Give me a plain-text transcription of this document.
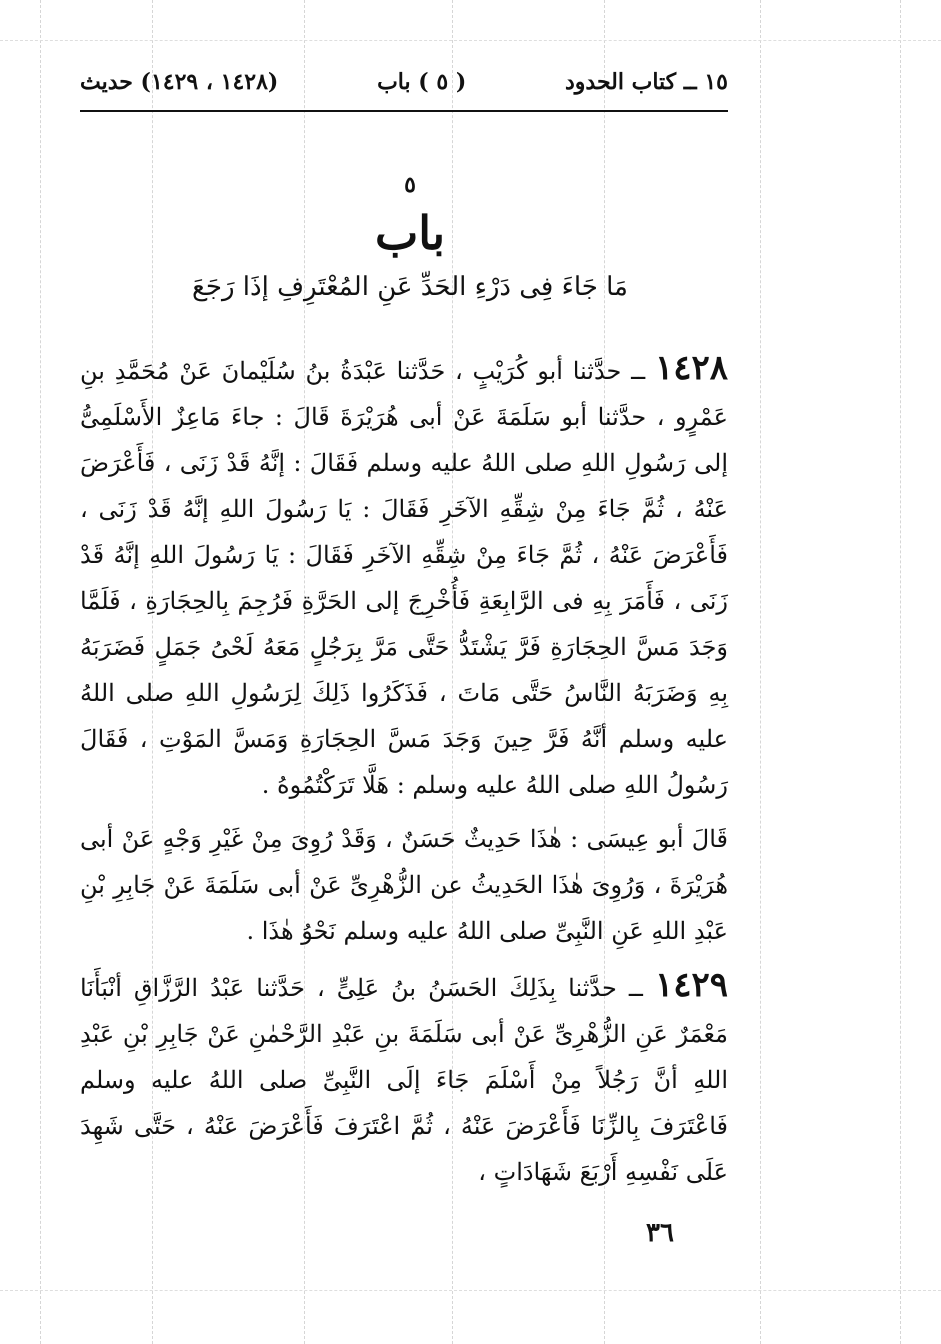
١٥ ــ كتاب الحدود
( ٥ ) باب
(١٤٢٨ ، ١٤٢٩) حديث
٥
باب
مَا جَاءَ فِى دَرْءِ الحَدِّ عَنِ المُعْتَرِفِ إذَا رَجَعَ

١٤٢٨ ــ حدَّثنا أبو كُرَيْبٍ ، حَدَّثنا عَبْدَةُ بنُ سُلَيْمانَ عَنْ مُحَمَّدِ بنِ عَمْرٍو ، حدَّثنا أبو سَلَمَةَ عَنْ أبى هُرَيْرَةَ قَالَ : جاءَ مَاعِزٌ الأَسْلَمِىُّ إلى رَسُولِ اللهِ صلى اللهُ عليه وسلم فَقَالَ : إنَّهُ قَدْ زَنَى ، فَأَعْرَضَ عَنْهُ ، ثُمَّ جَاءَ مِنْ شِقِّهِ الآخَرِ فَقَالَ : يَا رَسُولَ اللهِ إنَّهُ قَدْ زَنَى ، فَأَعْرَضَ عَنْهُ ، ثُمَّ جَاءَ مِنْ شِقِّهِ الآخَرِ فَقَالَ : يَا رَسُولَ اللهِ إنَّهُ قَدْ زَنَى ، فَأَمَرَ بِهِ فى الرَّابِعَةِ فَأُخْرِجَ إلى الحَرَّةِ فَرُجِمَ بِالحِجَارَةِ ، فَلَمَّا وَجَدَ مَسَّ الحِجَارَةِ فَرَّ يَشْتَدُّ حَتَّى مَرَّ بِرَجُلٍ مَعَهُ لَحْىُ جَمَلٍ فَضَرَبَهُ بِهِ وَضَرَبَهُ النَّاسُ حَتَّى مَاتَ ، فَذَكَرُوا ذَلِكَ لِرَسُولِ اللهِ صلى اللهُ عليه وسلم أنَّهُ فَرَّ حِينَ وَجَدَ مَسَّ الحِجَارَةِ وَمَسَّ المَوْتِ ، فَقَالَ رَسُولُ اللهِ صلى اللهُ عليه وسلم : هَلَّا تَرَكْتُمُوهُ .

قَالَ أبو عِيسَى : هٰذَا حَدِيثٌ حَسَنٌ ، وَقَدْ رُوِىَ مِنْ غَيْرِ وَجْهٍ عَنْ أبى هُرَيْرَةَ ، وَرُوِىَ هٰذَا الحَدِيثُ عن الزُّهْرِىِّ عَنْ أبى سَلَمَةَ عَنْ جَابِرِ بْنِ عَبْدِ اللهِ عَنِ النَّبِىِّ صلى اللهُ عليه وسلم نَحْوُ هٰذَا .

١٤٢٩ ــ حدَّثنا بِذَلِكَ الحَسَنُ بنُ عَلِىٍّ ، حَدَّثنا عَبْدُ الرَّزَّاقِ أنْبَأَنَا مَعْمَرٌ عَنِ الزُّهْرِىِّ عَنْ أبى سَلَمَةَ بنِ عَبْدِ الرَّحْمٰنِ عَنْ جَابِرِ بْنِ عَبْدِ اللهِ أنَّ رَجُلاً مِنْ أَسْلَمَ جَاءَ إلَى النَّبِىِّ صلى اللهُ عليه وسلم فَاعْتَرَفَ بِالزِّنَا فَأَعْرَضَ عَنْهُ ، ثُمَّ اعْتَرَفَ فَأَعْرَضَ عَنْهُ ، حَتَّى شَهِدَ عَلَى نَفْسِهِ أَرْبَعَ شَهَادَاتٍ ،

٣٦
